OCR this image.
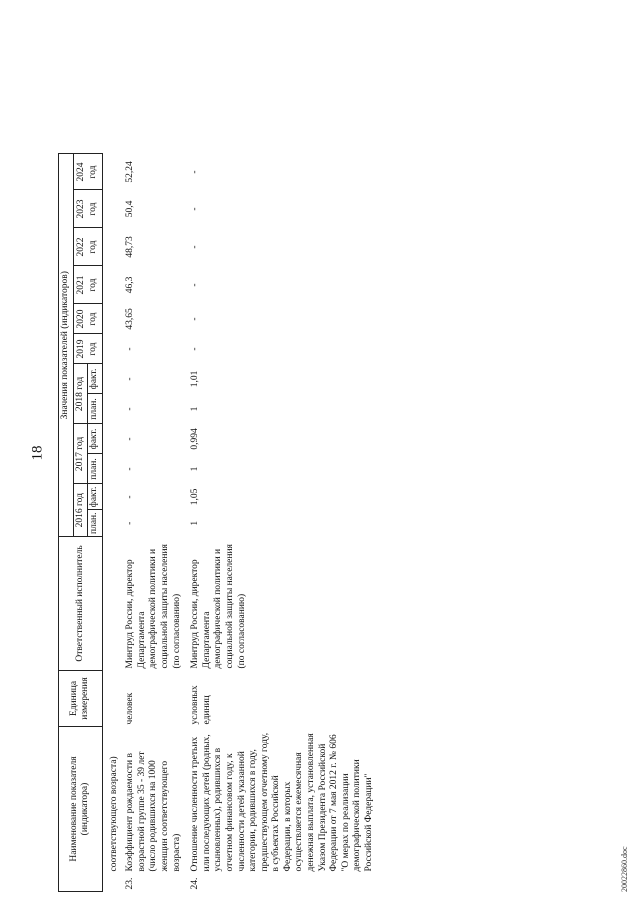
18
Наименование показателя (индикатора)	Единица измерения	Ответственный исполнитель	Значения показателей (индикаторов)											
			2016 год		2017 год		2018 год		2019 год	2020 год	2021 год	2022 год	2023 год	2024 год
			план.	факт.	план.	факт.	план.	факт.						
соответствующего возраста)														
23.Коэффициент рождаемости в возрастной группе 35 - 39 лет (число родившихся на 1000 женщин соответствующего возраста)	человек	Минтруд России, директор Департамента демографической политики и социальной защиты населения (по согласованию)	-	-	-	-	-	-	-	43,65	46,3	48,73	50,4	52,24
24.Отношение численности третьих или последующих детей (родных, усыновленных), родившихся в отчетном финансовом году, к численности детей указанной категории, родившихся в году, предшествующем отчетному году, в субъектах Российской Федерации, в которых осуществляется ежемесячная денежная выплата, установленная Указом Президента Российской Федерации от 7 мая 2012 г. № 606 "О мерах по реализации демографической политики Российской Федерации"	условных единиц	Минтруд России, директор Департамента демографической политики и социальной защиты населения (по согласованию)	1	1,05	1	0,994	1	1,01	-	-	-	-	-	-
20022860.doc
